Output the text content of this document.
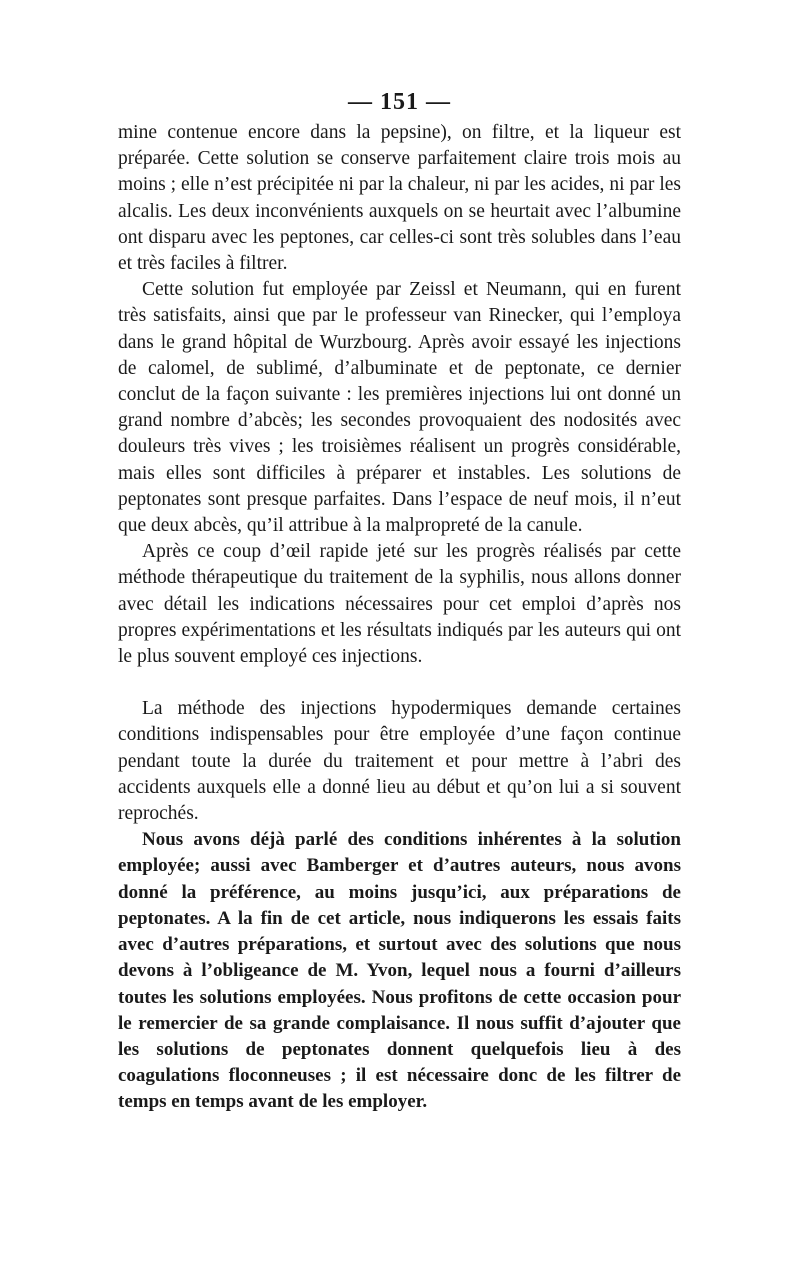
— 151 —

mine contenue encore dans la pepsine), on filtre, et la liqueur est préparée. Cette solution se conserve parfaitement claire trois mois au moins ; elle n’est précipitée ni par la chaleur, ni par les acides, ni par les alcalis. Les deux inconvénients auxquels on se heurtait avec l’albumine ont disparu avec les peptones, car celles-ci sont très solubles dans l’eau et très faciles à filtrer.

Cette solution fut employée par Zeissl et Neumann, qui en furent très satisfaits, ainsi que par le professeur van Rinecker, qui l’employa dans le grand hôpital de Wurzbourg. Après avoir essayé les injections de calomel, de sublimé, d’albuminate et de peptonate, ce dernier conclut de la façon suivante : les premières injections lui ont donné un grand nombre d’abcès; les secondes provoquaient des nodosités avec douleurs très vives ; les troisièmes réalisent un progrès considérable, mais elles sont difficiles à préparer et instables. Les solutions de peptonates sont presque parfaites. Dans l’espace de neuf mois, il n’eut que deux abcès, qu’il attribue à la malpropreté de la canule.

Après ce coup d’œil rapide jeté sur les progrès réalisés par cette méthode thérapeutique du traitement de la syphilis, nous allons donner avec détail les indications nécessaires pour cet emploi d’après nos propres expérimentations et les résultats indiqués par les auteurs qui ont le plus souvent employé ces injections.

La méthode des injections hypodermiques demande certaines conditions indispensables pour être employée d’une façon continue pendant toute la durée du traitement et pour mettre à l’abri des accidents auxquels elle a donné lieu au début et qu’on lui a si souvent reprochés.

Nous avons déjà parlé des conditions inhérentes à la solution employée; aussi avec Bamberger et d’autres auteurs, nous avons donné la préférence, au moins jusqu’ici, aux préparations de peptonates. A la fin de cet article, nous indiquerons les essais faits avec d’autres préparations, et surtout avec des solutions que nous devons à l’obligeance de M. Yvon, lequel nous a fourni d’ailleurs toutes les solutions employées. Nous profitons de cette occasion pour le remercier de sa grande complaisance. Il nous suffit d’ajouter que les solutions de peptonates donnent quelquefois lieu à des coagulations floconneuses ; il est nécessaire donc de les filtrer de temps en temps avant de les employer.
